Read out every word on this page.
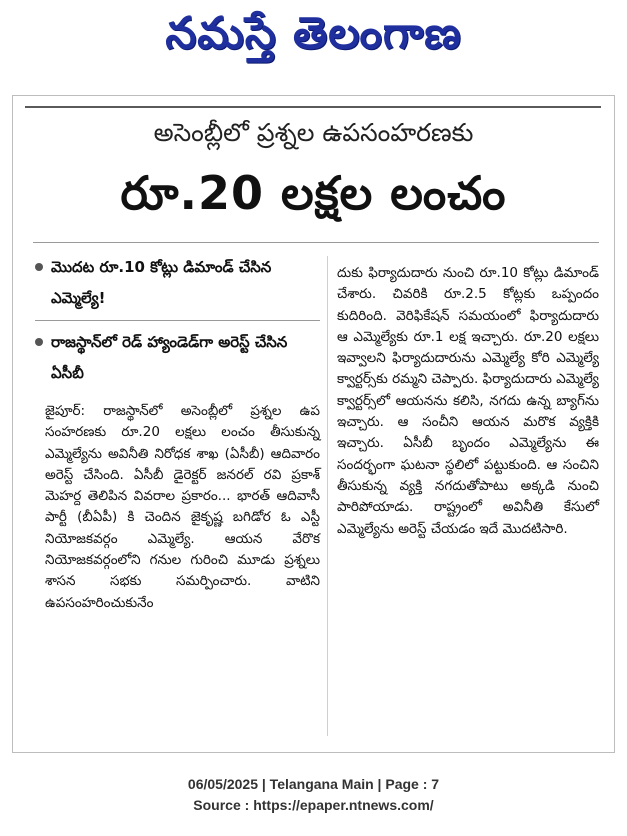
నమస్తే తెలంగాణ
అసెంబ్లీలో ప్రశ్నల ఉపసంహరణకు
రూ.20 లక్షల లంచం
మొదట రూ.10 కోట్లు డిమాండ్ చేసిన ఎమ్మెల్యే!
రాజస్థాన్‌లో రెడ్ హ్యాండెడ్‌గా అరెస్ట్ చేసిన ఏసీబీ
జైపూర్: రాజస్థాన్‌లో అసెంబ్లీలో ప్రశ్నల ఉప సంహరణకు రూ.20 లక్షలు లంచం తీసుకున్న ఎమ్మెల్యేను అవినీతి నిరోధక శాఖ (ఏసీబీ) ఆదివారం అరెస్ట్ చేసింది. ఏసీబీ డైరెక్టర్ జనరల్ రవి ప్రకాశ్ మెహర్ద తెలిపిన వివరాల ప్రకారం... భారత్ ఆదివాసీ పార్టీ (బీఏపీ) కి చెందిన జైకృష్ణ బగిడోర ఓ ఎస్టీ నియోజకవర్గం ఎమ్మెల్యే. ఆయన వేరొక నియోజకవర్గంలోని గనుల గురించి మూడు ప్రశ్నలు శాసన సభకు సమర్పించారు. వాటిని ఉపసంహరించుకునేం
దుకు ఫిర్యాదుదారు నుంచి రూ.10 కోట్లు డిమాండ్ చేశారు. చివరికి రూ.2.5 కోట్లకు ఒప్పందం కుదిరింది. వెరిఫికేషన్ సమయంలో ఫిర్యాదుదారు ఆ ఎమ్మెల్యేకు రూ.1 లక్ష ఇచ్చారు. రూ.20 లక్షలు ఇవ్వాలని ఫిర్యాదుదారును ఎమ్మెల్యే కోరి ఎమ్మెల్యే క్వార్టర్స్‌కు రమ్మని చెప్పారు. ఫిర్యాదుదారు ఎమ్మెల్యే క్వార్టర్స్‌లో ఆయనను కలిసి, నగదు ఉన్న బ్యాగ్‌ను ఇచ్చారు. ఆ సంచీని ఆయన మరొక వ్యక్తికి ఇచ్చారు. ఏసీబీ బృందం ఎమ్మెల్యేను ఈ సందర్భంగా ఘటనా స్థలిలో పట్టుకుంది. ఆ సంచిని తీసుకున్న వ్యక్తి నగదుతోపాటు అక్కడి నుంచి పారిపోయాడు. రాష్ట్రంలో అవినీతి కేసులో ఎమ్మెల్యేను అరెస్ట్ చేయడం ఇదే మొదటిసారి.
06/05/2025 | Telangana Main | Page : 7
Source : https://epaper.ntnews.com/
